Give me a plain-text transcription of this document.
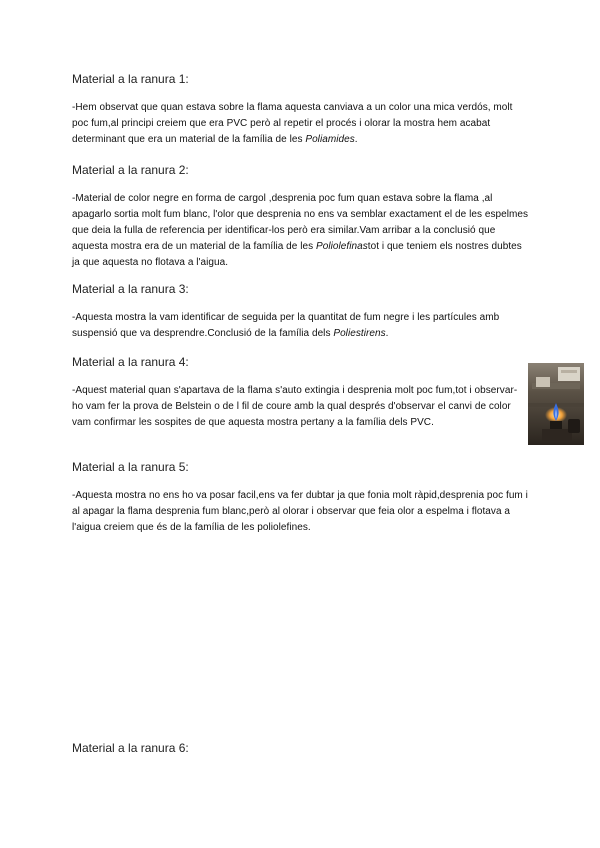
Material a la ranura 1:

-Hem observat que quan estava sobre la flama aquesta canviava a un color una mica verdós, molt poc fum,al principi creiem que era PVC però al repetir el procés i olorar la mostra hem acabat determinant que era un material de la família de les Poliamides.

Material a la ranura 2:

-Material de color negre en forma de cargol ,desprenia poc fum quan estava sobre la flama ,al apagarlo sortia molt fum blanc, l'olor que desprenia no ens va semblar exactament el de les espelmes que deia la fulla de referencia per identificar-los però era similar.Vam arribar a la conclusió que aquesta mostra era de un material de la família de les Poliolefinastot i que teniem els nostres dubtes ja que aquesta no flotava a l'aigua.

Material a la ranura 3:

-Aquesta mostra la vam identificar de seguida per la quantitat de fum negre i les partícules amb suspensió que va desprendre.Conclusió de la família dels Poliestirens.

Material a la ranura 4:

-Aquest material quan s'apartava de la flama s'auto extingia i desprenia molt poc fum,tot i observar-ho vam fer la prova de Belstein o de l fil de coure amb la qual després d'observar el canvi de color vam confirmar les sospites de que aquesta mostra pertany a la família dels PVC.

Material a la ranura 5:

-Aquesta mostra no ens ho va posar facil,ens va fer dubtar ja que fonia molt ràpid,desprenia poc fum i al apagar la flama desprenia fum blanc,però al olorar i observar que feia olor a espelma i flotava a l'aigua creiem que és de la família de les poliolefines.

Material a la ranura 6:
